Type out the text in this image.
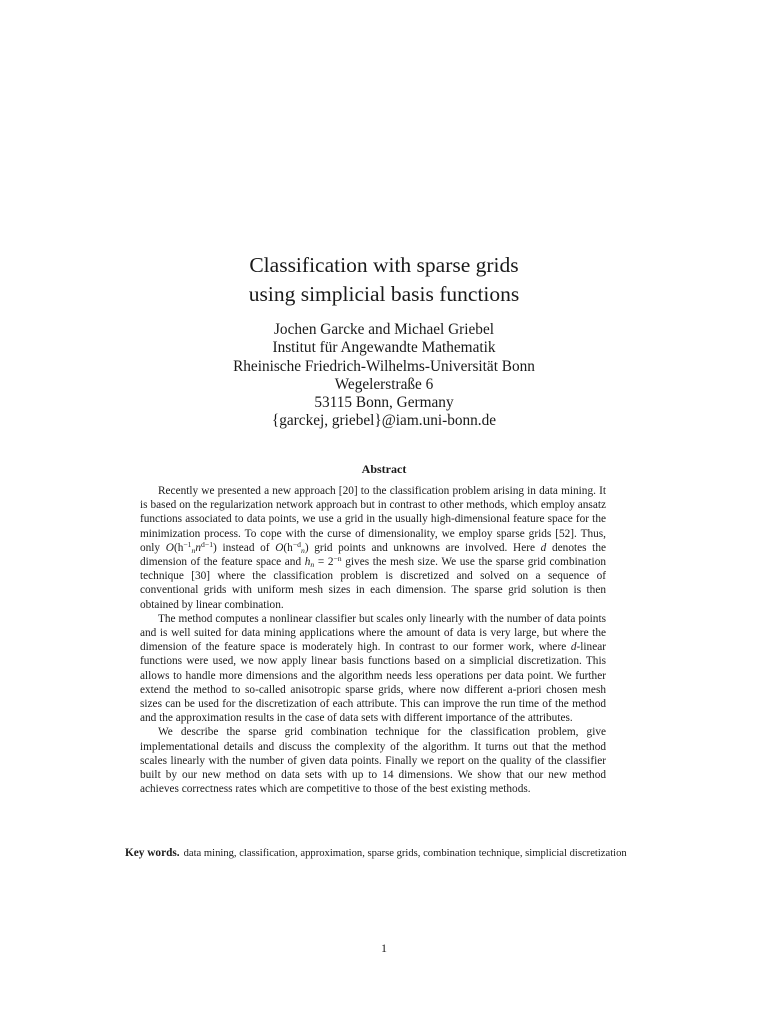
Classification with sparse grids
using simplicial basis functions
Jochen Garcke and Michael Griebel
Institut für Angewandte Mathematik
Rheinische Friedrich-Wilhelms-Universität Bonn
Wegelerstraße 6
53115 Bonn, Germany
{garckej, griebel}@iam.uni-bonn.de
Abstract

Recently we presented a new approach [20] to the classification problem arising in data mining. It is based on the regularization network approach but in contrast to other methods, which employ ansatz functions associated to data points, we use a grid in the usually high-dimensional feature space for the minimization process. To cope with the curse of dimensionality, we employ sparse grids [52]. Thus, only $O(h^{-1}_nn^{d-1})$ instead of $O(h^{-d}_n)$ grid points and unknowns are involved. Here d denotes the dimension of the feature space and $h_n = 2^{-n}$ gives the mesh size. We use the sparse grid combination technique [30] where the classification problem is discretized and solved on a sequence of conventional grids with uniform mesh sizes in each dimension. The sparse grid solution is then obtained by linear combination.

The method computes a nonlinear classifier but scales only linearly with the number of data points and is well suited for data mining applications where the amount of data is very large, but where the dimension of the feature space is moderately high. In contrast to our former work, where d-linear functions were used, we now apply linear basis functions based on a simplicial discretization. This allows to handle more dimensions and the algorithm needs less operations per data point. We further extend the method to so-called anisotropic sparse grids, where now different a-priori chosen mesh sizes can be used for the discretization of each attribute. This can improve the run time of the method and the approximation results in the case of data sets with different importance of the attributes.

We describe the sparse grid combination technique for the classification problem, give implementational details and discuss the complexity of the algorithm. It turns out that the method scales linearly with the number of given data points. Finally we report on the quality of the classifier built by our new method on data sets with up to 14 dimensions. We show that our new method achieves correctness rates which are competitive to those of the best existing methods.

Key words. data mining, classification, approximation, sparse grids, combination technique, simplicial discretization
1
